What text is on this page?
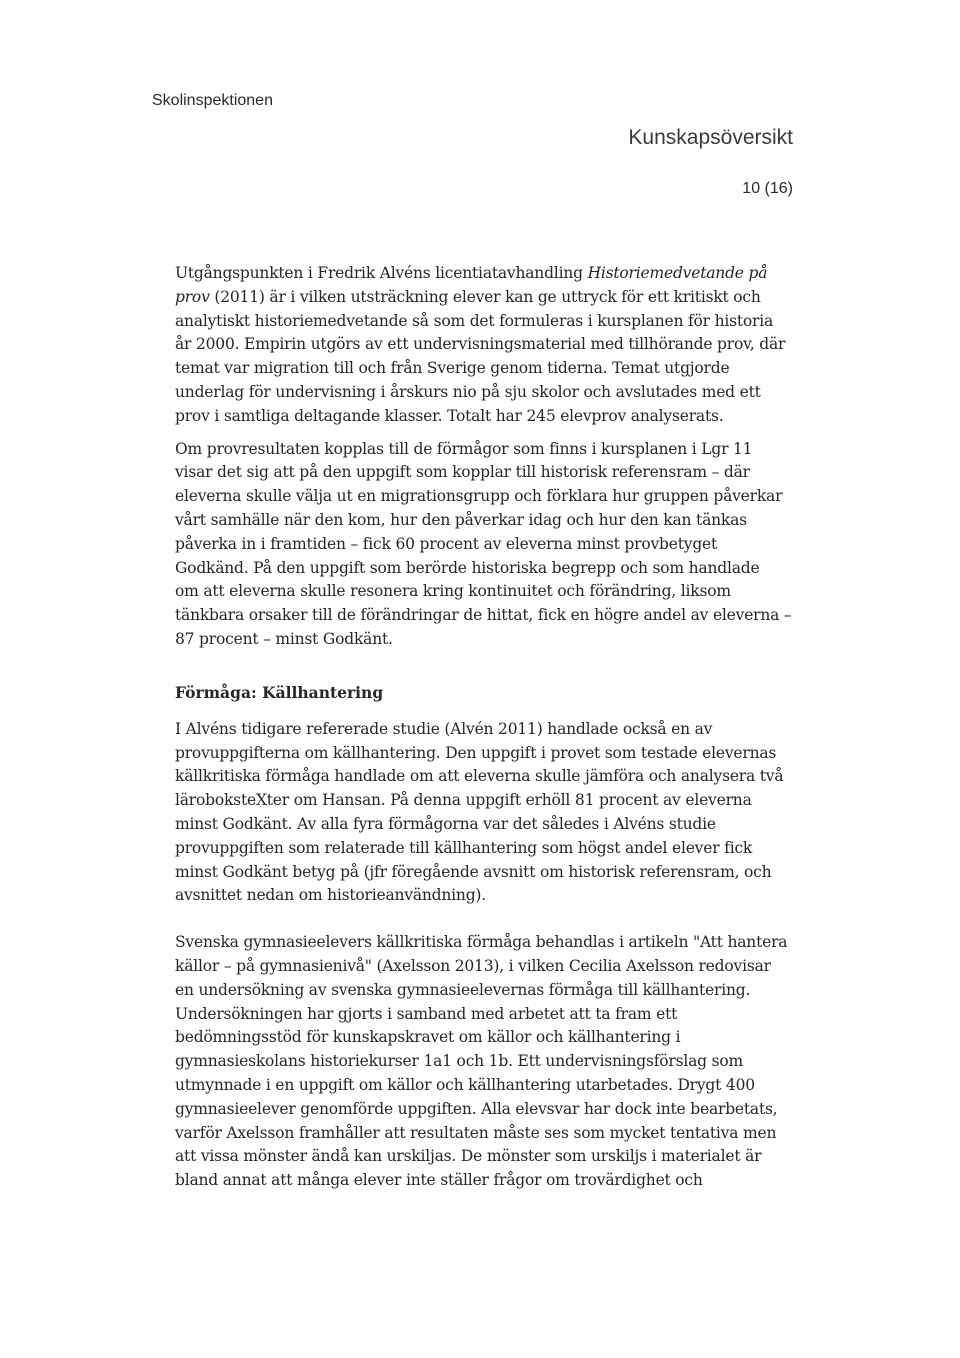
Skolinspektionen
Kunskapsöversikt
10 (16)

Utgångspunkten i Fredrik Alvéns licentiatavhandling Historiemedvetande på
prov (2011) är i vilken utsträckning elever kan ge uttryck för ett kritiskt och
analytiskt historiemedvetande så som det formuleras i kursplanen för historia
år 2000. Empirin utgörs av ett undervisningsmaterial med tillhörande prov, där
temat var migration till och från Sverige genom tiderna. Temat utgjorde
underlag för undervisning i årskurs nio på sju skolor och avslutades med ett
prov i samtliga deltagande klasser. Totalt har 245 elevprov analyserats.

Om provresultaten kopplas till de förmågor som finns i kursplanen i Lgr 11
visar det sig att på den uppgift som kopplar till historisk referensram – där
eleverna skulle välja ut en migrationsgrupp och förklara hur gruppen påverkar
vårt samhälle när den kom, hur den påverkar idag och hur den kan tänkas
påverka in i framtiden – fick 60 procent av eleverna minst provbetyget
Godkänd. På den uppgift som berörde historiska begrepp och som handlade
om att eleverna skulle resonera kring kontinuitet och förändring, liksom
tänkbara orsaker till de förändringar de hittat, fick en högre andel av eleverna –
87 procent – minst Godkänt.

Förmåga: Källhantering

I Alvéns tidigare refererade studie (Alvén 2011) handlade också en av
provuppgifterna om källhantering. Den uppgift i provet som testade elevernas
källkritiska förmåga handlade om att eleverna skulle jämföra och analysera två
läroboksteXter om Hansan. På denna uppgift erhöll 81 procent av eleverna
minst Godkänt. Av alla fyra förmågorna var det således i Alvéns studie
provuppgiften som relaterade till källhantering som högst andel elever fick
minst Godkänt betyg på (jfr föregående avsnitt om historisk referensram, och
avsnittet nedan om historieanvändning).

Svenska gymnasieelevers källkritiska förmåga behandlas i artikeln "Att hantera
källor – på gymnasienivå" (Axelsson 2013), i vilken Cecilia Axelsson redovisar
en undersökning av svenska gymnasieelevernas förmåga till källhantering.
Undersökningen har gjorts i samband med arbetet att ta fram ett
bedömningsstöd för kunskapskravet om källor och källhantering i
gymnasieskolans historiekurser 1a1 och 1b. Ett undervisningsförslag som
utmynnade i en uppgift om källor och källhantering utarbetades. Drygt 400
gymnasieelever genomförde uppgiften. Alla elevsvar har dock inte bearbetats,
varför Axelsson framhåller att resultaten måste ses som mycket tentativa men
att vissa mönster ändå kan urskiljas. De mönster som urskiljs i materialet är
bland annat att många elever inte ställer frågor om trovärdighet och
